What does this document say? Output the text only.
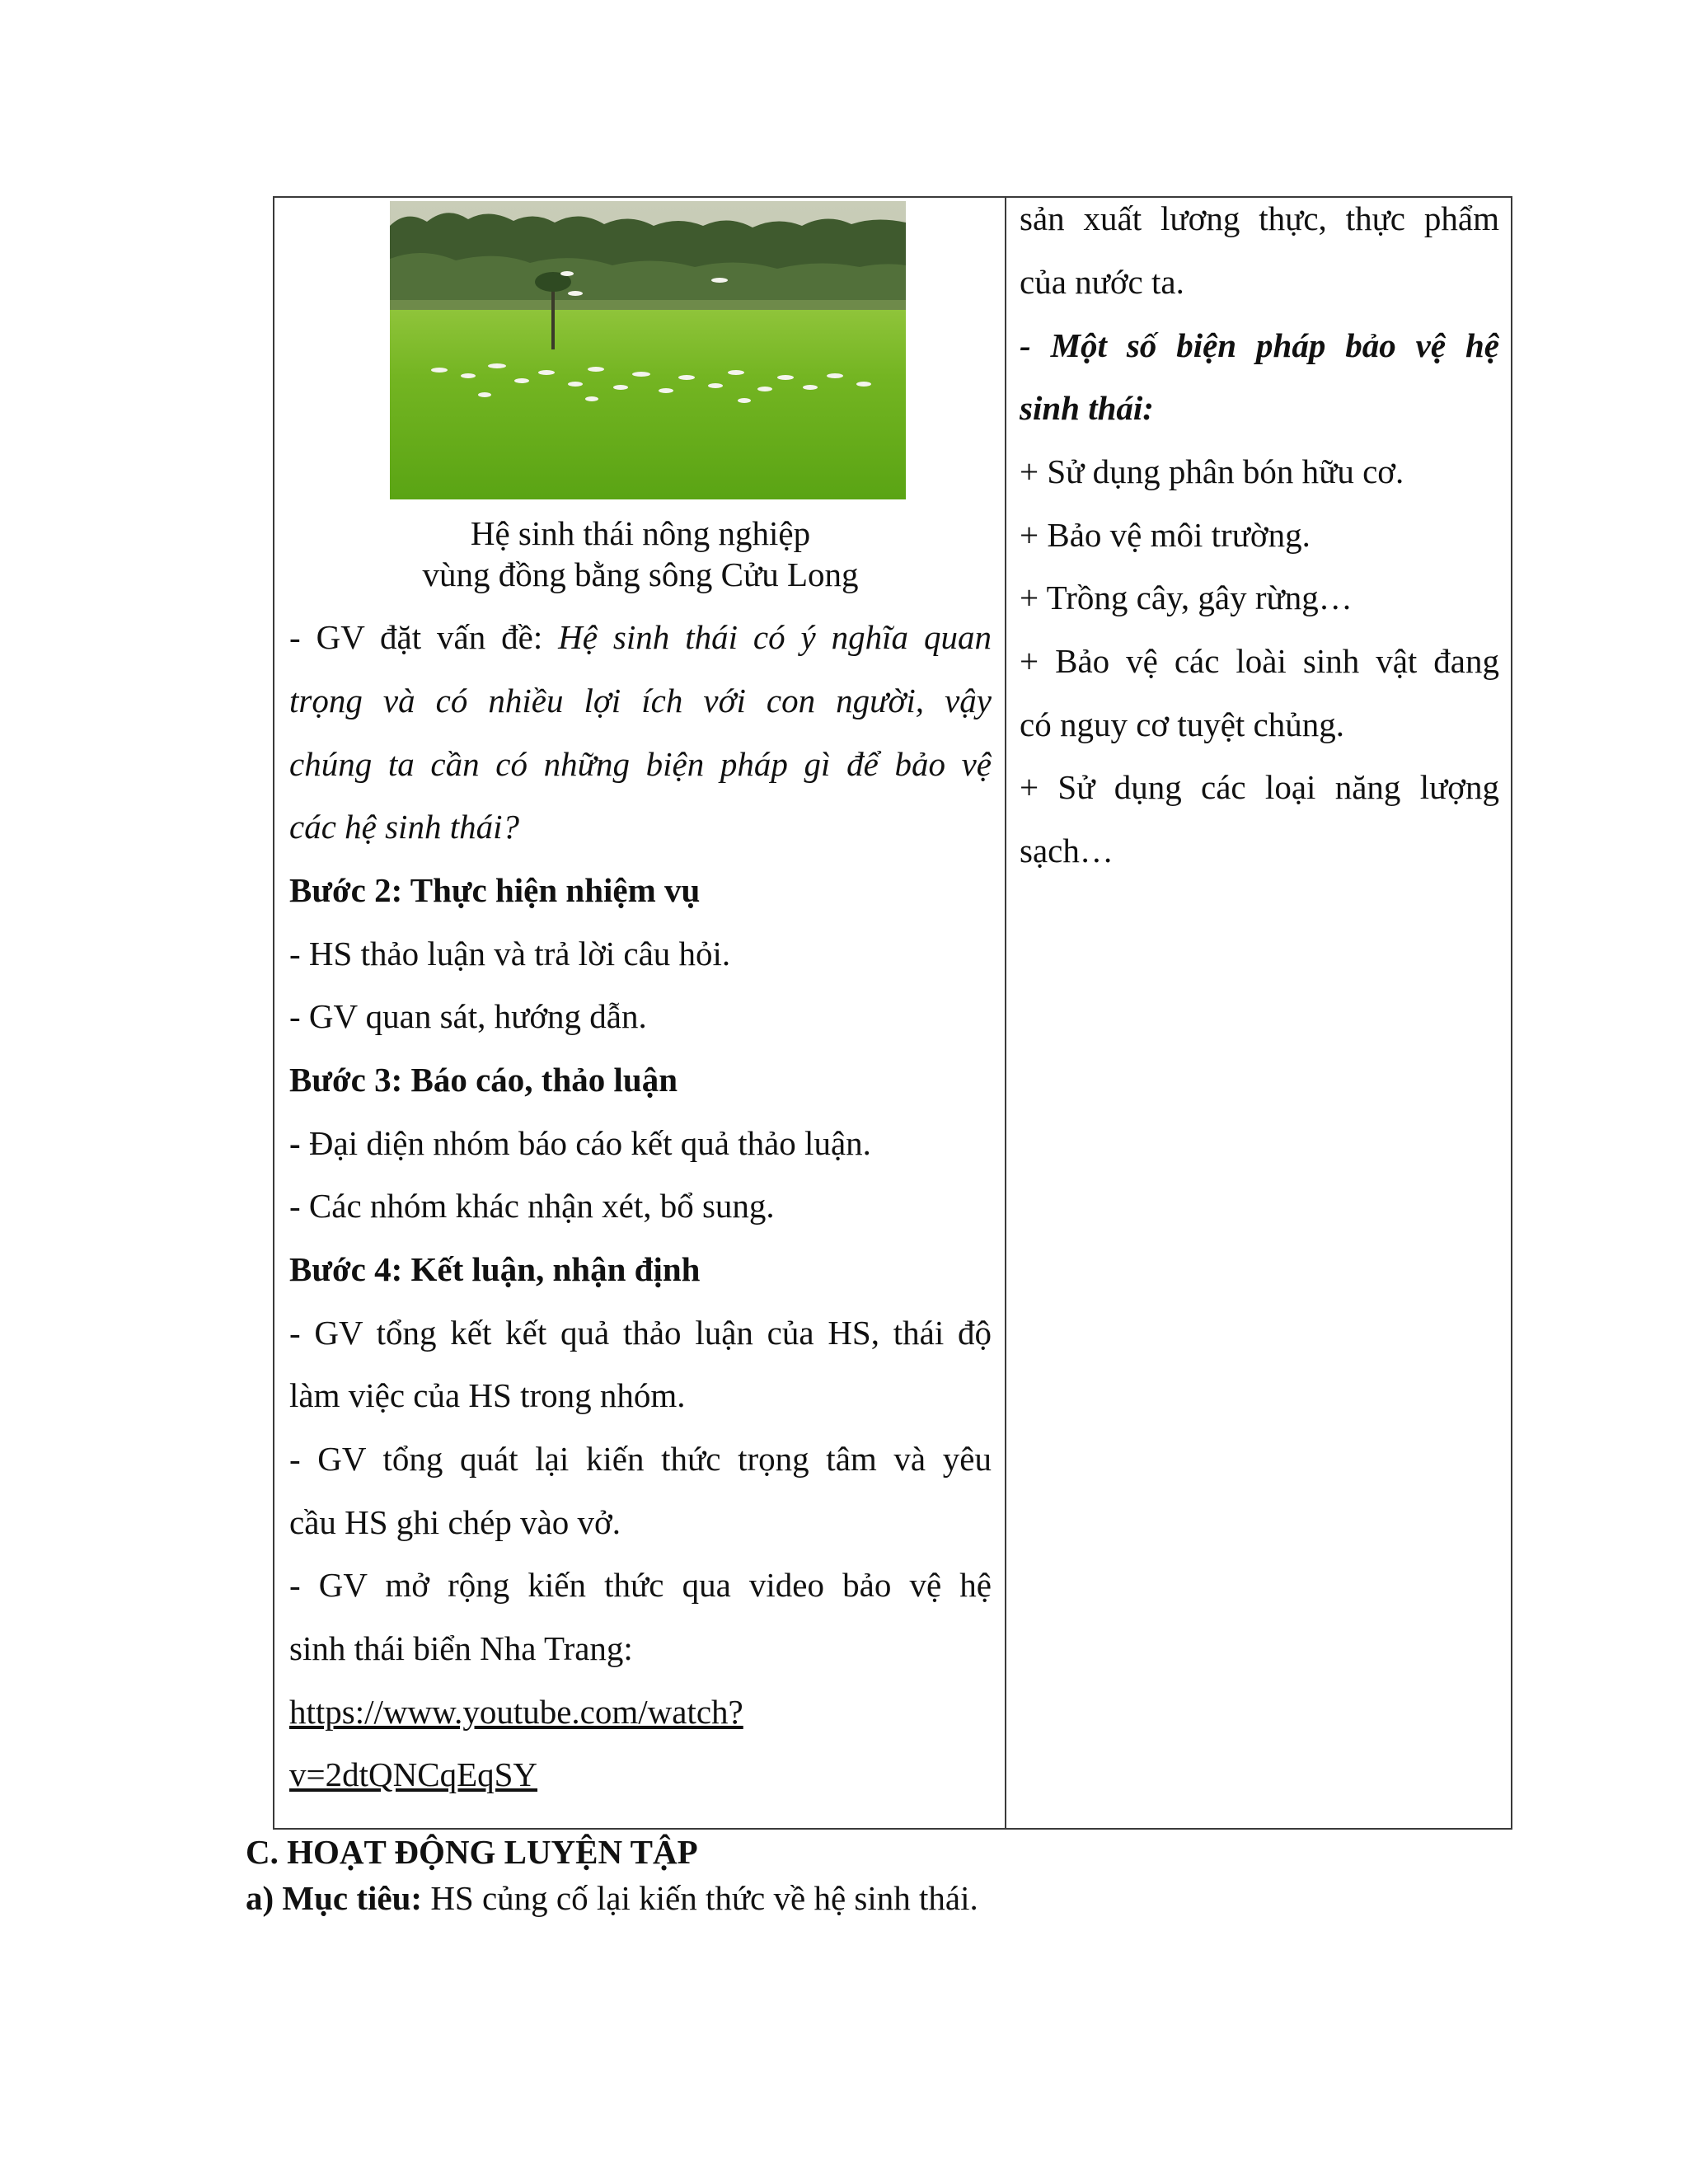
Hệ sinh thái nông nghiệp
vùng đồng bằng sông Cửu Long
- GV đặt vấn đề: Hệ sinh thái có ý nghĩa quan
trọng và có nhiều lợi ích với con người, vậy
chúng ta cần có những biện pháp gì để bảo vệ
các hệ sinh thái?
Bước 2: Thực hiện nhiệm vụ
- HS thảo luận và trả lời câu hỏi.
- GV quan sát, hướng dẫn.
Bước 3: Báo cáo, thảo luận
- Đại diện nhóm báo cáo kết quả thảo luận.
- Các nhóm khác nhận xét, bổ sung.
Bước 4: Kết luận, nhận định
- GV tổng kết kết quả thảo luận của HS, thái độ
làm việc của HS trong nhóm.
- GV tổng quát lại kiến thức trọng tâm và yêu
cầu HS ghi chép vào vở.
- GV mở rộng kiến thức qua video bảo vệ hệ
sinh thái biển Nha Trang:
https://www.youtube.com/watch?
v=2dtQNCqEqSY
sản xuất lương thực, thực phẩm
của nước ta.
- Một số biện pháp bảo vệ hệ
sinh thái:
+ Sử dụng phân bón hữu cơ.
+ Bảo vệ môi trường.
+ Trồng cây, gây rừng…
+ Bảo vệ các loài sinh vật đang
có nguy cơ tuyệt chủng.
+ Sử dụng các loại năng lượng
sạch…
C. HOẠT ĐỘNG LUYỆN TẬP
a) Mục tiêu: HS củng cố lại kiến thức về hệ sinh thái.
